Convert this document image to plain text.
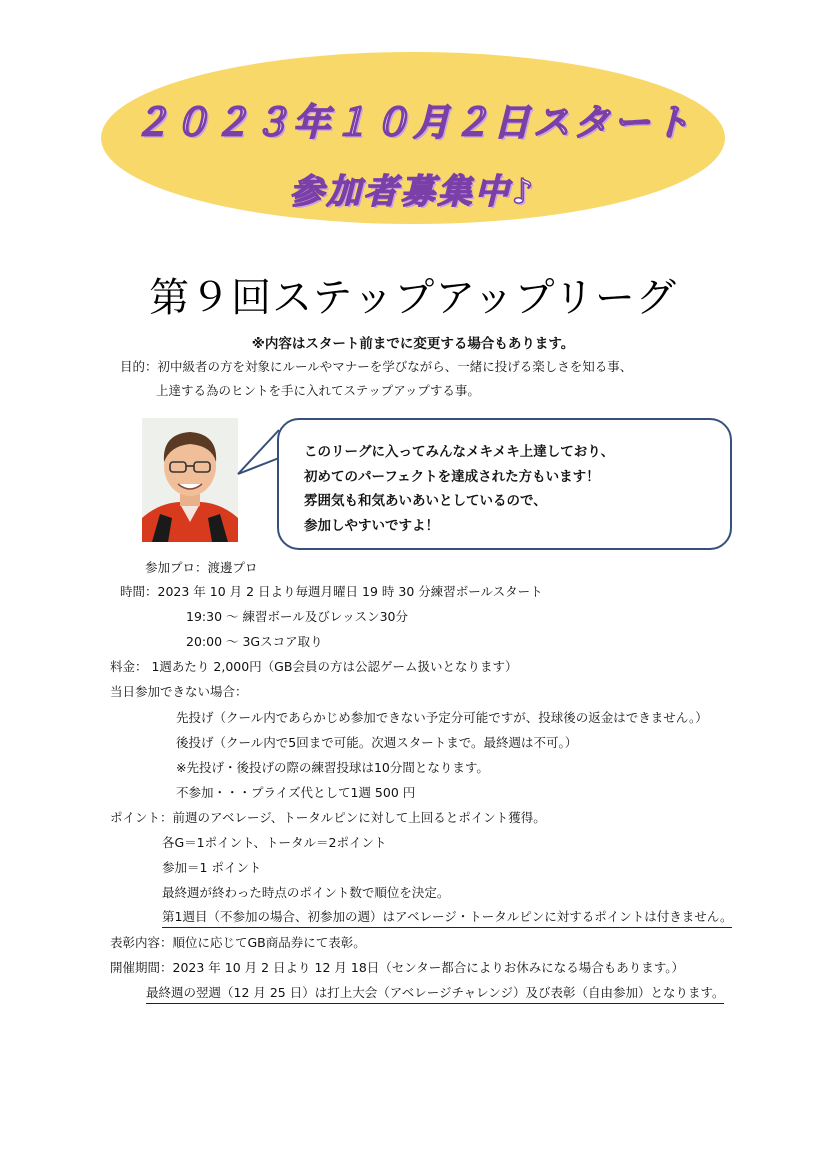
２０２３年１０月２日スタート
参加者募集中♪
第９回ステップアップリーグ
※内容はスタート前までに変更する場合もあります。
目的：初中級者の方を対象にルールやマナーを学びながら、一緒に投げる楽しさを知る事、
上達する為のヒントを手に入れてステップアップする事。
このリーグに入ってみんなメキメキ上達しており、
初めてのパーフェクトを達成された方もいます！
雰囲気も和気あいあいとしているので、
参加しやすいですよ！
参加プロ：渡邊プロ
時間：2023 年 10 月 2 日より毎週月曜日 19 時 30 分練習ボールスタート
19:30 ～ 練習ボール及びレッスン30分
20:00 ～ 3Gスコア取り
料金： 1週あたり 2,000円（GB会員の方は公認ゲーム扱いとなります）
当日参加できない場合：
先投げ（クール内であらかじめ参加できない予定分可能ですが、投球後の返金はできません。）
後投げ（クール内で5回まで可能。次週スタートまで。最終週は不可。）
※先投げ・後投げの際の練習投球は10分間となります。
不参加・・・プライズ代として1週 500 円
ポイント：前週のアベレージ、トータルピンに対して上回るとポイント獲得。
各G＝1ポイント、トータル＝2ポイント
参加＝1 ポイント
最終週が終わった時点のポイント数で順位を決定。
第1週目（不参加の場合、初参加の週）はアベレージ・トータルピンに対するポイントは付きません。
表彰内容：順位に応じてGB商品券にて表彰。
開催期間：2023 年 10 月 2 日より 12 月 18日（センター都合によりお休みになる場合もあります。）
最終週の翌週（12 月 25 日）は打上大会（アベレージチャレンジ）及び表彰（自由参加）となります。
